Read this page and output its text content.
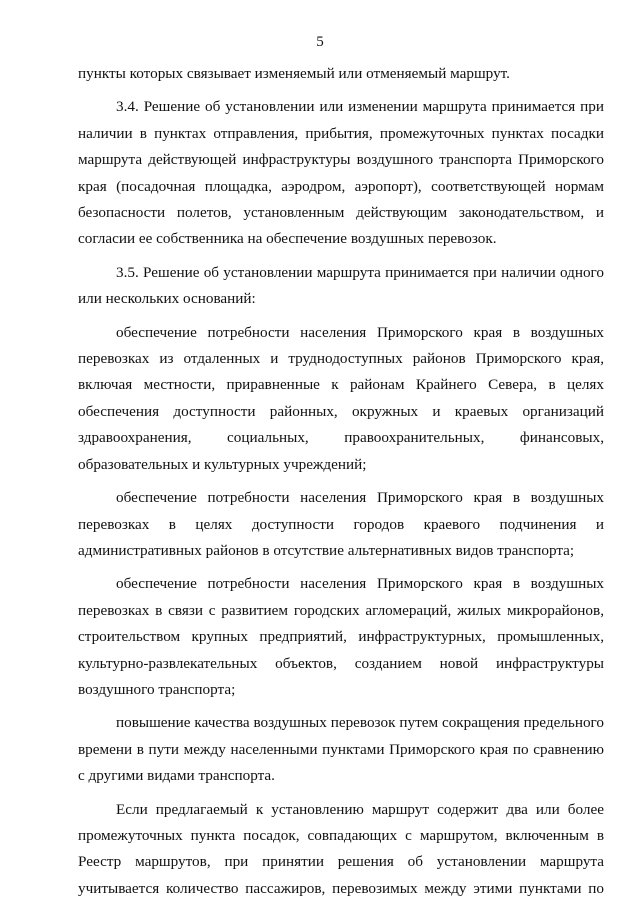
5

пункты которых связывает изменяемый или отменяемый маршрут.

3.4. Решение об установлении или изменении маршрута принимается при наличии в пунктах отправления, прибытия, промежуточных пунктах посадки маршрута действующей инфраструктуры воздушного транспорта Приморского края (посадочная площадка, аэродром, аэропорт), соответствующей нормам безопасности полетов, установленным действующим законодательством, и согласии ее собственника на обеспечение воздушных перевозок.

3.5. Решение об установлении маршрута принимается при наличии одного или нескольких оснований:

обеспечение потребности населения Приморского края в воздушных перевозках из отдаленных и труднодоступных районов Приморского края, включая местности, приравненные к районам Крайнего Севера, в целях обеспечения доступности районных, окружных и краевых организаций здравоохранения, социальных, правоохранительных, финансовых, образовательных и культурных учреждений;

обеспечение потребности населения Приморского края в воздушных перевозках в целях доступности городов краевого подчинения и административных районов в отсутствие альтернативных видов транспорта;

обеспечение потребности населения Приморского края в воздушных перевозках в связи с развитием городских агломераций, жилых микрорайонов, строительством крупных предприятий, инфраструктурных, промышленных, культурно-развлекательных объектов, созданием новой инфраструктуры воздушного транспорта;

повышение качества воздушных перевозок путем сокращения предельного времени в пути между населенными пунктами Приморского края по сравнению с другими видами транспорта.

Если предлагаемый к установлению маршрут содержит два или более промежуточных пункта посадок, совпадающих с маршрутом, включенным в Реестр маршрутов, при принятии решения об установлении маршрута учитывается количество пассажиров, перевозимых между этими пунктами по
